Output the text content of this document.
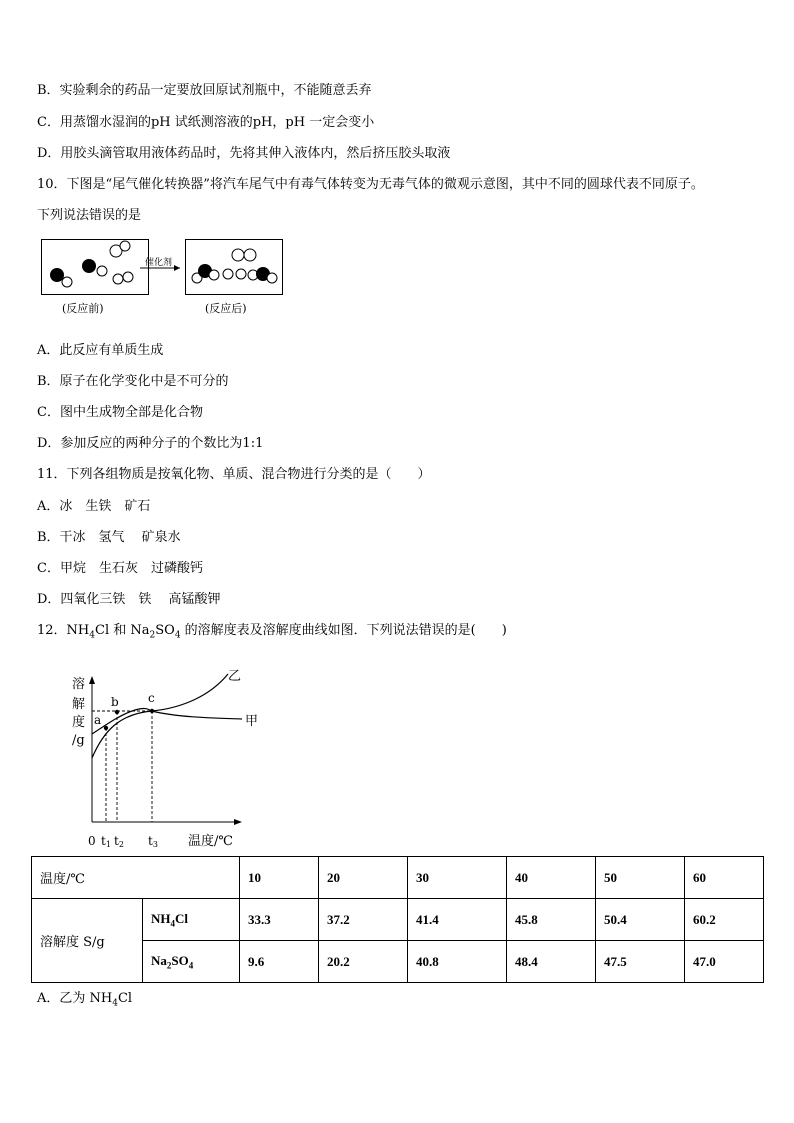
B．实验剩余的药品一定要放回原试剂瓶中，不能随意丢弃
C．用蒸馏水湿润的pH 试纸测溶液的pH，pH 一定会变小
D．用胶头滴管取用液体药品时，先将其伸入液体内，然后挤压胶头取液
10．下图是“尾气催化转换器”将汽车尾气中有毒气体转变为无毒气体的微观示意图，其中不同的圆球代表不同原子。
下列说法错误的是
催化剂
(反应前)	(反应后)
A．此反应有单质生成
B．原子在化学变化中是不可分的
C．图中生成物全部是化合物
D．参加反应的两种分子的个数比为1:1
11．下列各组物质是按氧化物、单质、混合物进行分类的是（　　）
A．冰　生铁　矿石
B．干冰　氢气　 矿泉水
C．甲烷　生石灰　过磷酸钙
D．四氧化三铁　铁　 高锰酸钾
12．$NH_4Cl$ 和 $Na_2SO_4$ 的溶解度表及溶解度曲线如图．下列说法错误的是(　　)
溶
解
度
/g
a
b c
乙
甲
0 t1 t2 t3 温度/℃
温度/℃		10	20	30	40	50	60
溶解度 S/g	$NH_4Cl$	33.3	37.2	41.4	45.8	50.4	60.2
	$Na_2SO_4$	9.6	20.2	40.8	48.4	47.5	47.0
A．乙为 $NH_4Cl$
